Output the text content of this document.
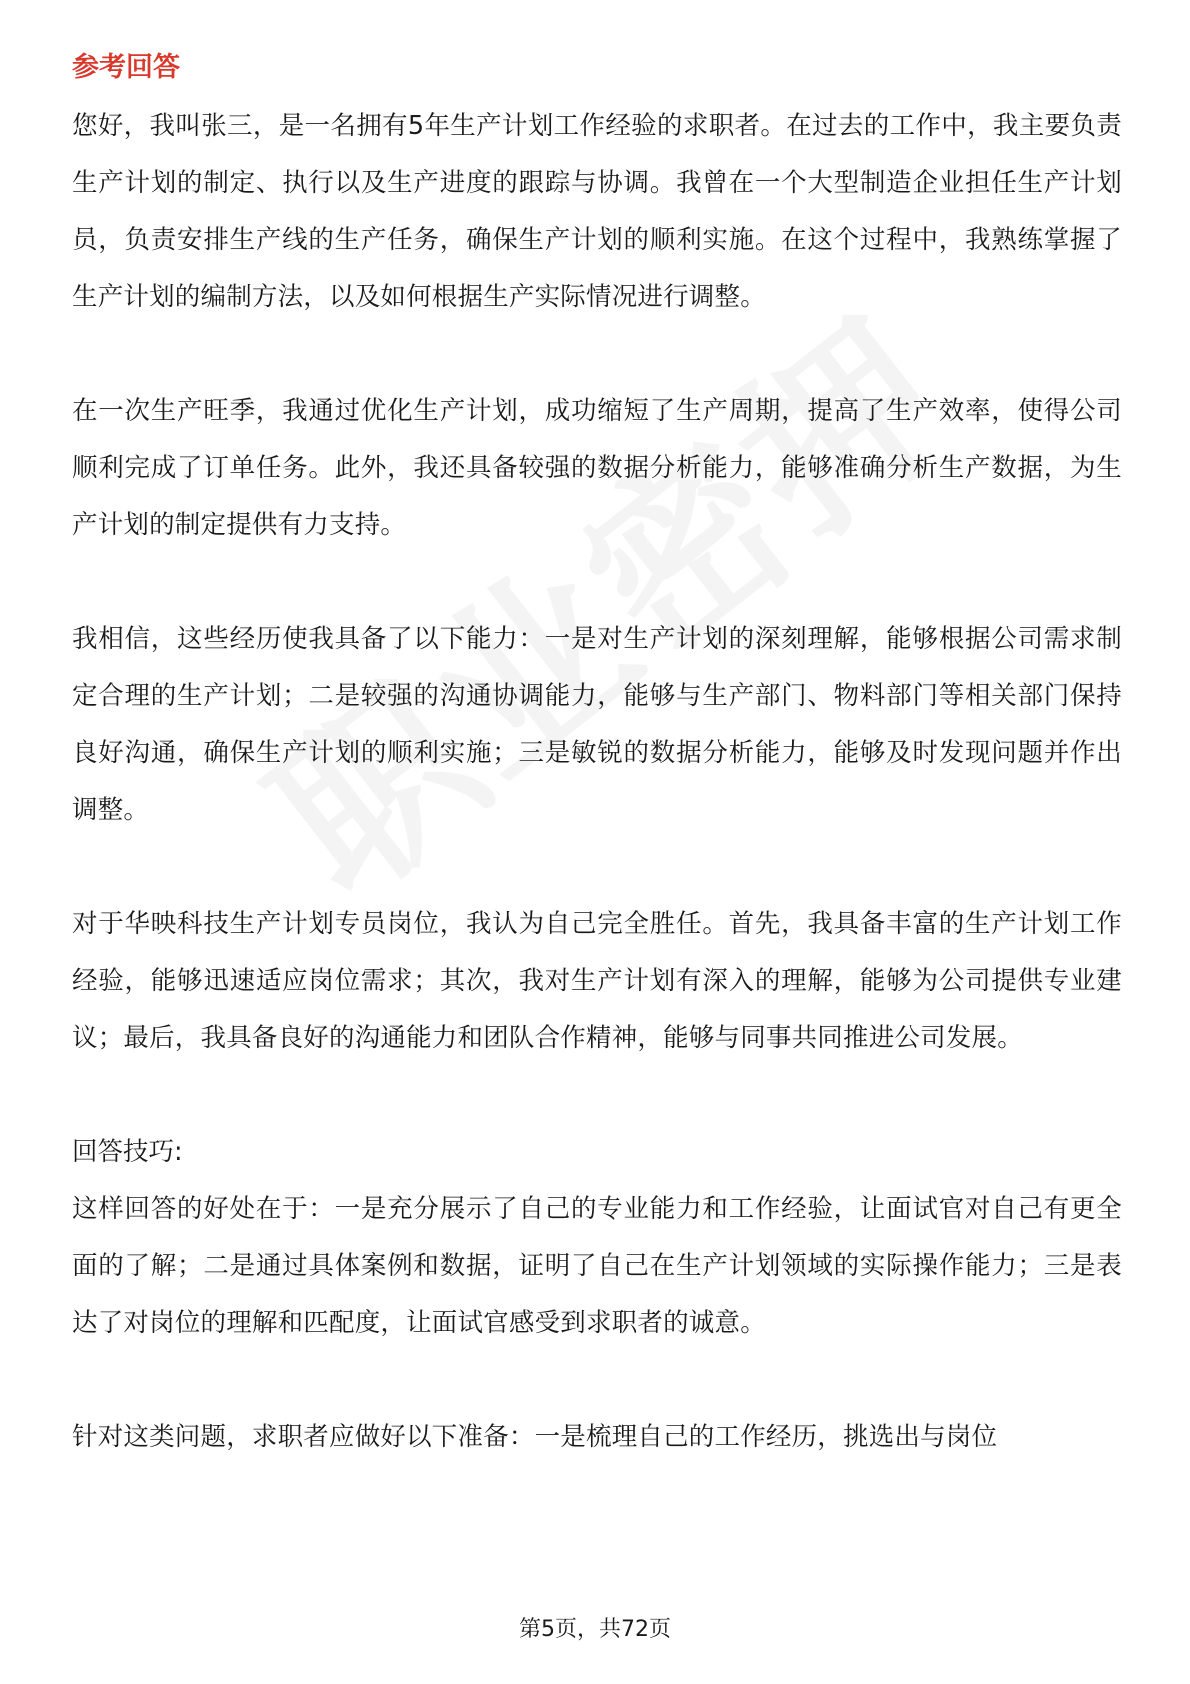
参考回答

您好，我叫张三，是一名拥有5年生产计划工作经验的求职者。在过去的工作中，我主要负责生产计划的制定、执行以及生产进度的跟踪与协调。我曾在一个大型制造企业担任生产计划员，负责安排生产线的生产任务，确保生产计划的顺利实施。在这个过程中，我熟练掌握了生产计划的编制方法，以及如何根据生产实际情况进行调整。

在一次生产旺季，我通过优化生产计划，成功缩短了生产周期，提高了生产效率，使得公司顺利完成了订单任务。此外，我还具备较强的数据分析能力，能够准确分析生产数据，为生产计划的制定提供有力支持。

我相信，这些经历使我具备了以下能力：一是对生产计划的深刻理解，能够根据公司需求制定合理的生产计划；二是较强的沟通协调能力，能够与生产部门、物料部门等相关部门保持良好沟通，确保生产计划的顺利实施；三是敏锐的数据分析能力，能够及时发现问题并作出调整。

对于华映科技生产计划专员岗位，我认为自己完全胜任。首先，我具备丰富的生产计划工作经验，能够迅速适应岗位需求；其次，我对生产计划有深入的理解，能够为公司提供专业建议；最后，我具备良好的沟通能力和团队合作精神，能够与同事共同推进公司发展。

回答技巧:

这样回答的好处在于：一是充分展示了自己的专业能力和工作经验，让面试官对自己有更全面的了解；二是通过具体案例和数据，证明了自己在生产计划领域的实际操作能力；三是表达了对岗位的理解和匹配度，让面试官感受到求职者的诚意。

针对这类问题，求职者应做好以下准备：一是梳理自己的工作经历，挑选出与岗位

第5页，共72页
